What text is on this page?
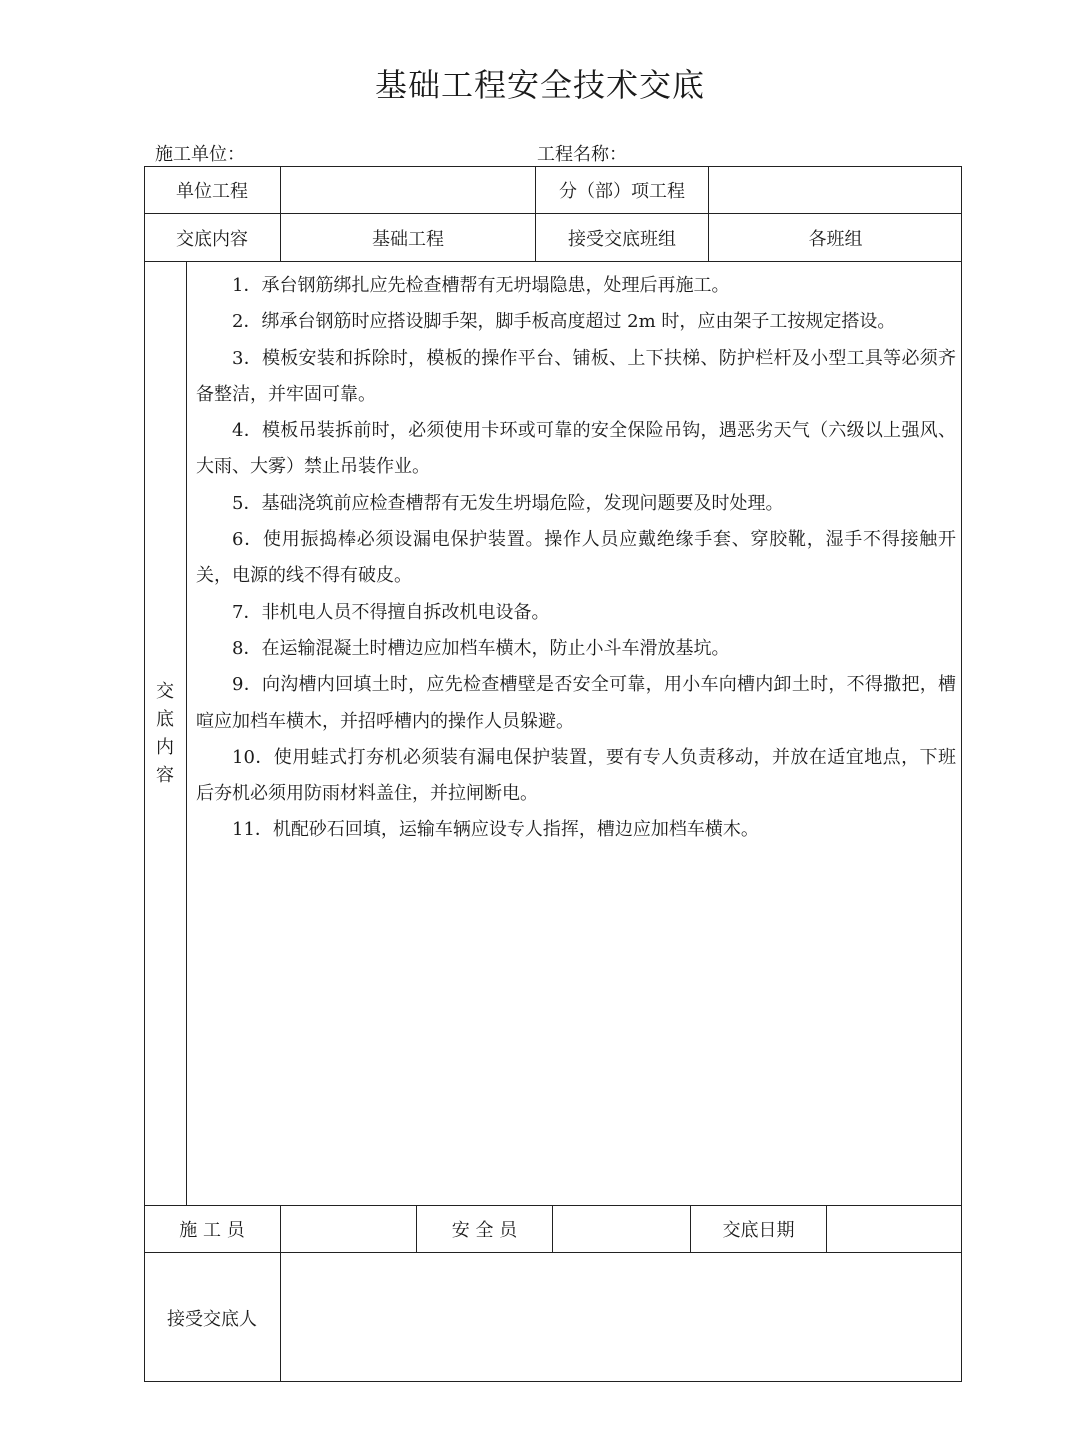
基础工程安全技术交底
施工单位：	工程名称：
单位工程	分（部）项工程
交底内容	基础工程	接受交底班组	各班组
交
底
内
容

1．承台钢筋绑扎应先检查槽帮有无坍塌隐患，处理后再施工。

2．绑承台钢筋时应搭设脚手架，脚手板高度超过 2m 时，应由架子工按规定搭设。

3．模板安装和拆除时，模板的操作平台、铺板、上下扶梯、防护栏杆及小型工具等必须齐备整洁，并牢固可靠。

4．模板吊装拆前时，必须使用卡环或可靠的安全保险吊钩，遇恶劣天气（六级以上强风、大雨、大雾）禁止吊装作业。

5．基础浇筑前应检查槽帮有无发生坍塌危险，发现问题要及时处理。

6．使用振捣棒必须设漏电保护装置。操作人员应戴绝缘手套、穿胶靴，湿手不得接触开关，电源的线不得有破皮。

7．非机电人员不得擅自拆改机电设备。

8．在运输混凝土时槽边应加档车横木，防止小斗车滑放基坑。

9．向沟槽内回填土时，应先检查槽壁是否安全可靠，用小车向槽内卸土时，不得撒把，槽喧应加档车横木，并招呼槽内的操作人员躲避。

10．使用蛙式打夯机必须装有漏电保护装置，要有专人负责移动，并放在适宜地点，下班后夯机必须用防雨材料盖住，并拉闸断电。

11．机配砂石回填，运输车辆应设专人指挥，槽边应加档车横木。

施 工 员	安 全 员	交底日期
接受交底人
